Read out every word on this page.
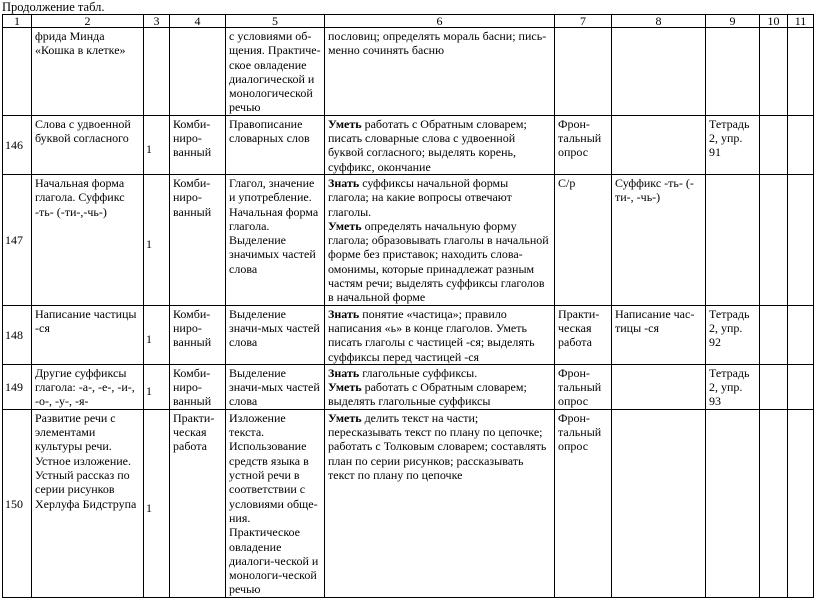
Продолжение табл.
1	2	3	4	5	6	7	8	9	10	11
	фрида Минда «Кошка в клетке»			с условиями об-щения. Практиче-ское овладение диалогической и монологической речью	пословиц; определять мораль басни; пись-менно сочинять басню					
146	Слова с удвоенной буквой согласного	1	Комби-ниро-ванный	Правописание словарных слов	Уметь работать с Обратным словарем; писать словарные слова с удвоенной буквой согласного; выделять корень, суффикс, окончание	Фрон-тальный опрос		Тетрадь 2, упр. 91		
147	Начальная форма глагола. Суффикс -ть- (-ти-,-чь-)	1	Комби-ниро-ванный	Глагол, значение и употребление. Начальная форма глагола. Выделение значимых частей слова	Знать суффиксы начальной формы глагола; на какие вопросы отвечают глаголы.
Уметь определять начальную форму глагола; образовывать глаголы в начальной форме без приставок; находить слова-омонимы, которые принадлежат разным частям речи; выделять суффиксы глаголов в начальной форме	С/р	Суффикс -ть- (-ти-, -чь-)			
148	Написание частицы -ся	1	Комби-ниро-ванный	Выделение значи-мых частей слова	Знать понятие «частица»; правило написания «ь» в конце глаголов. Уметь писать глаголы с частицей -ся; выделять суффиксы перед частицей -ся	Практи-ческая работа	Написание час-тицы -ся	Тетрадь 2, упр. 92		
149	Другие суффиксы глагола: -а-, -е-, -и-, -о-, -у-, -я-	1	Комби-ниро-ванный	Выделение значи-мых частей слова	Знать глагольные суффиксы.
Уметь работать с Обратным словарем; выделять глагольные суффиксы	Фрон-тальный опрос		Тетрадь 2, упр. 93		
150	Развитие речи с элементами культуры речи. Устное изложение. Устный рассказ по серии рисунков Херлуфа Бидструпа	1	Практи-ческая работа	Изложение текста. Использование средств языка в устной речи в соответствии с условиями обще-ния. Практическое овладение диалоги-ческой и монологи-ческой речью	Уметь делить текст на части; пересказывать текст по плану по цепочке; работать с Толковым словарем; составлять план по серии рисунков; рассказывать текст по плану по цепочке	Фрон-тальный опрос				
